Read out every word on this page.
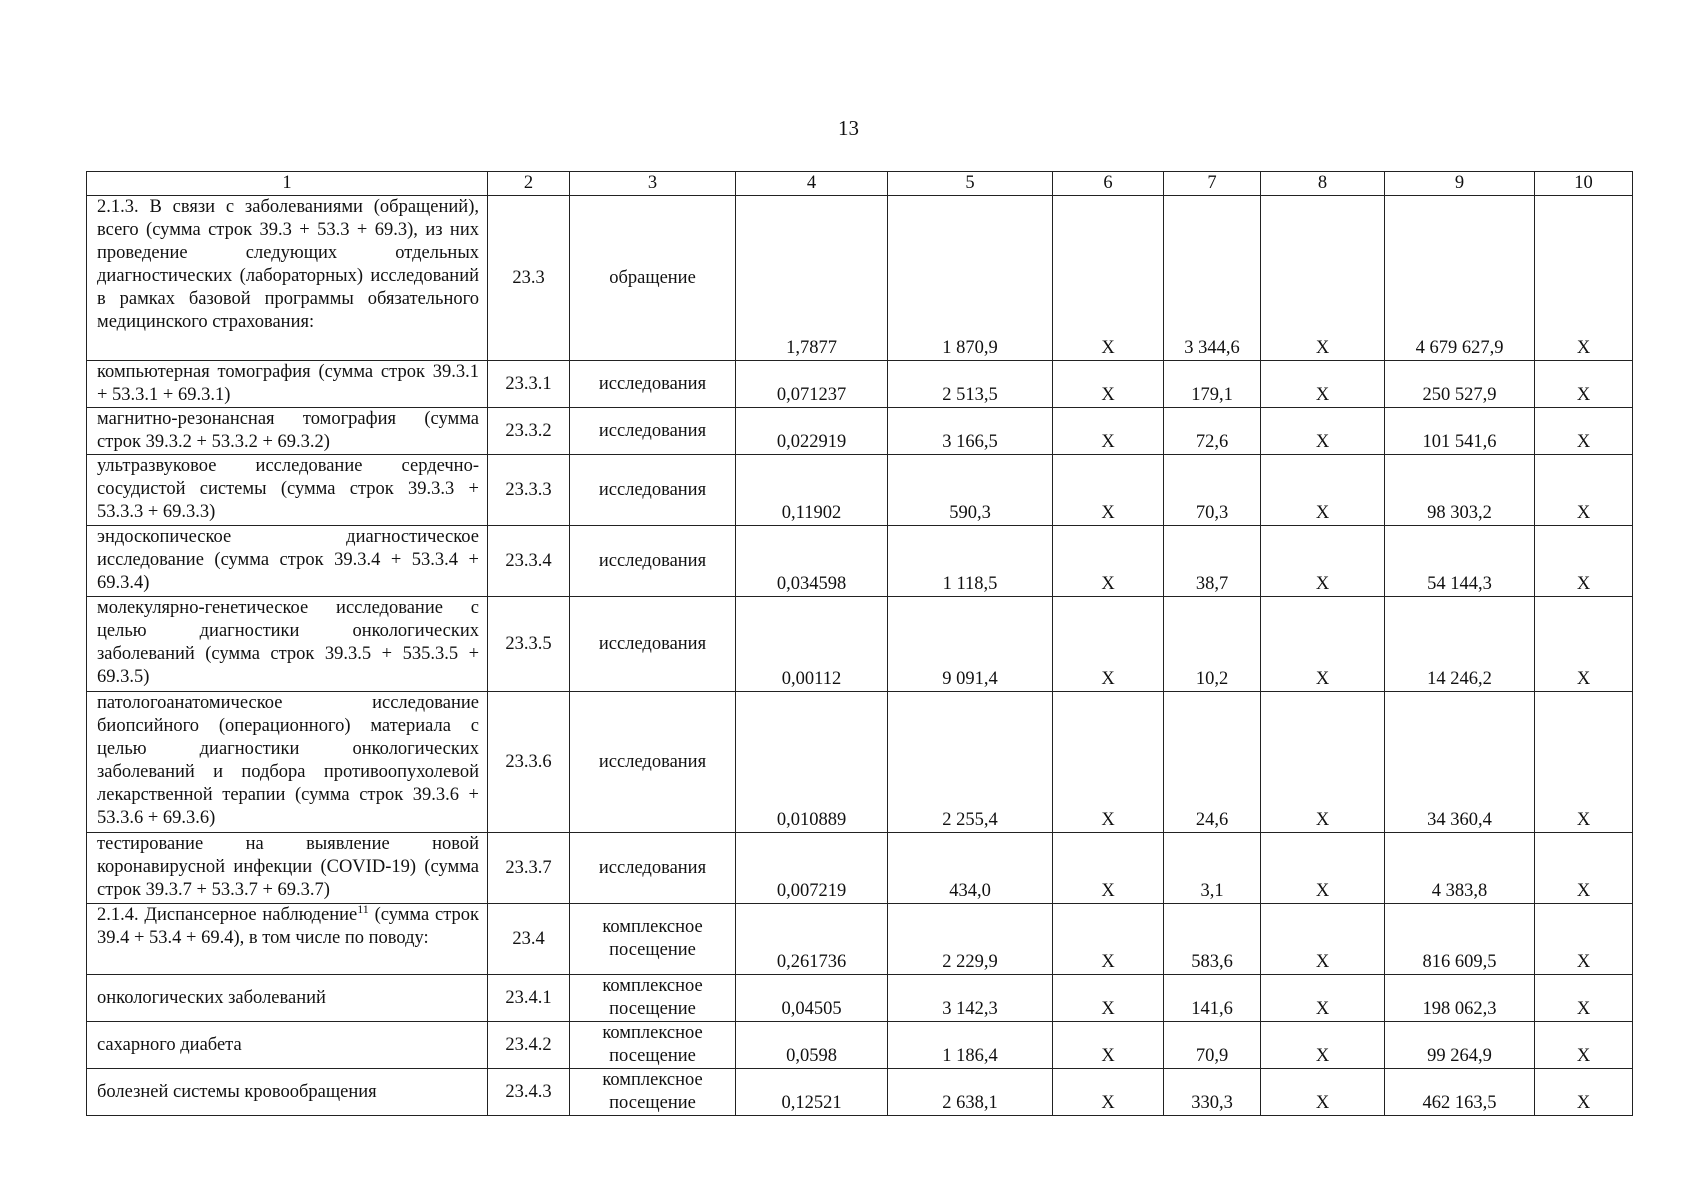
13
1	2	3	4	5	6	7	8	9	10
2.1.3. В связи с заболеваниями (обращений), всего (сумма строк 39.3 + 53.3 + 69.3), из них проведение следующих отдельных диагностических (лабораторных) исследований в рамках базовой программы обязательного медицинского страхования:	23.3	обращение	1,7877	1 870,9	X	3 344,6	X	4 679 627,9	X
компьютерная томография (сумма строк 39.3.1 + 53.3.1 + 69.3.1)	23.3.1	исследования	0,071237	2 513,5	X	179,1	X	250 527,9	X
магнитно-резонансная томография (сумма строк 39.3.2 + 53.3.2 + 69.3.2)	23.3.2	исследования	0,022919	3 166,5	X	72,6	X	101 541,6	X
ультразвуковое исследование сердечно-сосудистой системы (сумма строк 39.3.3 + 53.3.3 + 69.3.3)	23.3.3	исследования	0,11902	590,3	X	70,3	X	98 303,2	X
эндоскопическое диагностическое исследование (сумма строк 39.3.4 + 53.3.4 + 69.3.4)	23.3.4	исследования	0,034598	1 118,5	X	38,7	X	54 144,3	X
молекулярно-генетическое исследование с целью диагностики онкологических заболеваний (сумма строк 39.3.5 + 535.3.5 + 69.3.5)	23.3.5	исследования	0,00112	9 091,4	X	10,2	X	14 246,2	X
патологоанатомическое исследование биопсийного (операционного) материала с целью диагностики онкологических заболеваний и подбора противоопухолевой лекарственной терапии (сумма строк 39.3.6 + 53.3.6 + 69.3.6)	23.3.6	исследования	0,010889	2 255,4	X	24,6	X	34 360,4	X
тестирование на выявление новой коронавирусной инфекции (COVID-19) (сумма строк 39.3.7 + 53.3.7 + 69.3.7)	23.3.7	исследования	0,007219	434,0	X	3,1	X	4 383,8	X
2.1.4. Диспансерное наблюдение$^{11}$ (сумма строк 39.4 + 53.4 + 69.4), в том числе по поводу:	23.4	комплексное посещение	0,261736	2 229,9	X	583,6	X	816 609,5	X
онкологических заболеваний	23.4.1	комплексное посещение	0,04505	3 142,3	X	141,6	X	198 062,3	X
сахарного диабета	23.4.2	комплексное посещение	0,0598	1 186,4	X	70,9	X	99 264,9	X
болезней системы кровообращения	23.4.3	комплексное посещение	0,12521	2 638,1	X	330,3	X	462 163,5	X
